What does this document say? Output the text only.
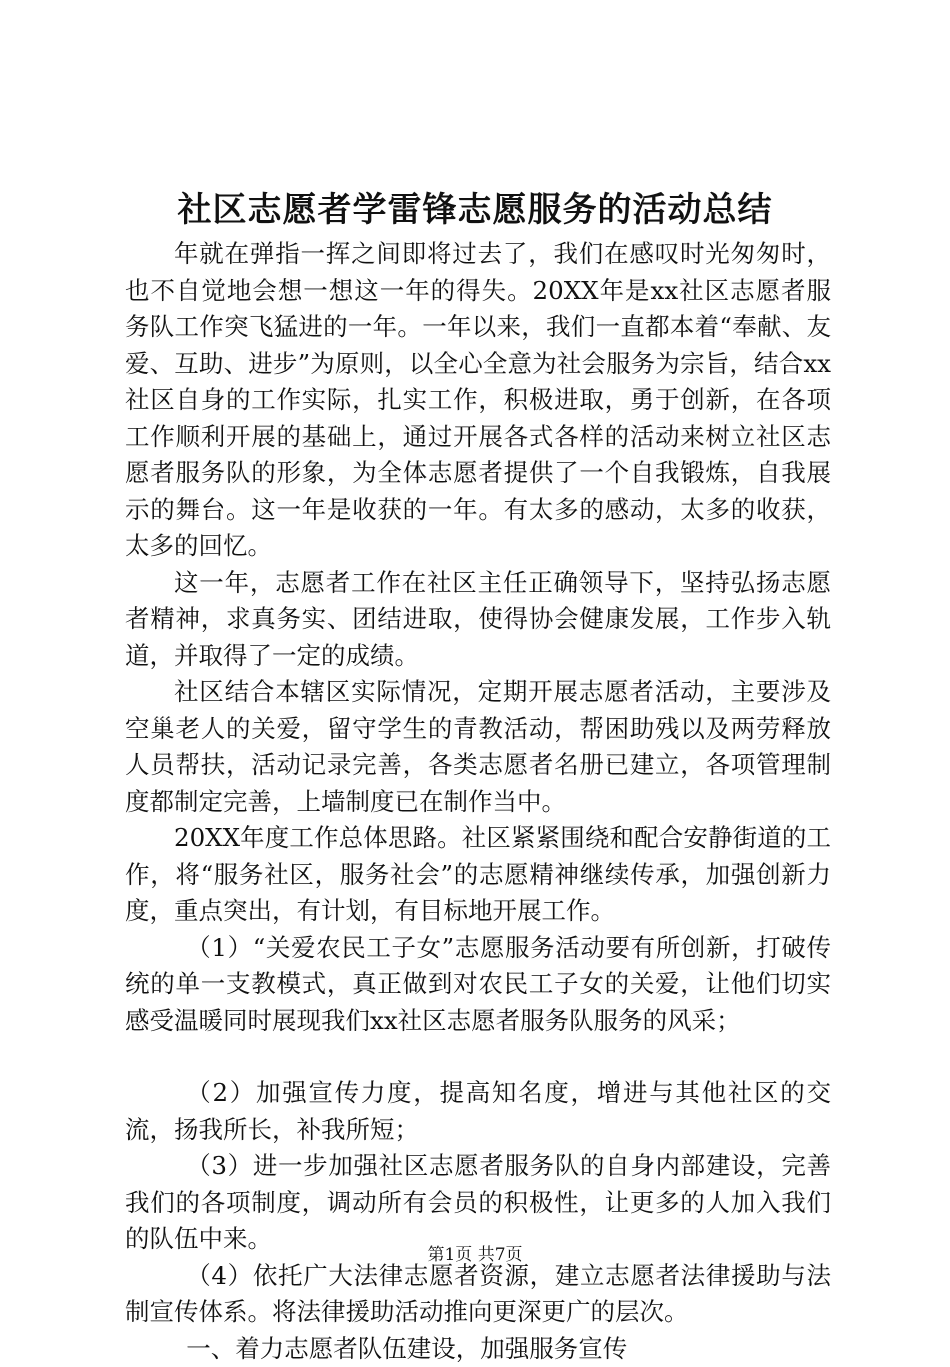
社区志愿者学雷锋志愿服务的活动总结

年就在弹指一挥之间即将过去了，我们在感叹时光匆匆时，也不自觉地会想一想这一年的得失。20XX年是xx社区志愿者服务队工作突飞猛进的一年。一年以来，我们一直都本着“奉献、友爱、互助、进步”为原则，以全心全意为社会服务为宗旨，结合xx社区自身的工作实际，扎实工作，积极进取，勇于创新，在各项工作顺利开展的基础上，通过开展各式各样的活动来树立社区志愿者服务队的形象，为全体志愿者提供了一个自我锻炼，自我展示的舞台。这一年是收获的一年。有太多的感动，太多的收获，太多的回忆。

这一年，志愿者工作在社区主任正确领导下，坚持弘扬志愿者精神，求真务实、团结进取，使得协会健康发展，工作步入轨道，并取得了一定的成绩。

社区结合本辖区实际情况，定期开展志愿者活动，主要涉及空巢老人的关爱，留守学生的青教活动，帮困助残以及两劳释放人员帮扶，活动记录完善，各类志愿者名册已建立，各项管理制度都制定完善，上墙制度已在制作当中。

20XX年度工作总体思路。社区紧紧围绕和配合安静街道的工作，将“服务社区，服务社会”的志愿精神继续传承，加强创新力度，重点突出，有计划，有目标地开展工作。

（1）“关爱农民工子女”志愿服务活动要有所创新，打破传统的单一支教模式，真正做到对农民工子女的关爱，让他们切实感受温暖同时展现我们xx社区志愿者服务队服务的风采；

（2）加强宣传力度，提高知名度，增进与其他社区的交流，扬我所长，补我所短；

（3）进一步加强社区志愿者服务队的自身内部建设，完善我们的各项制度，调动所有会员的积极性，让更多的人加入我们的队伍中来。

（4）依托广大法律志愿者资源，建立志愿者法律援助与法制宣传体系。将法律援助活动推向更深更广的层次。

一、着力志愿者队伍建设，加强服务宣传

第1页 共7页
